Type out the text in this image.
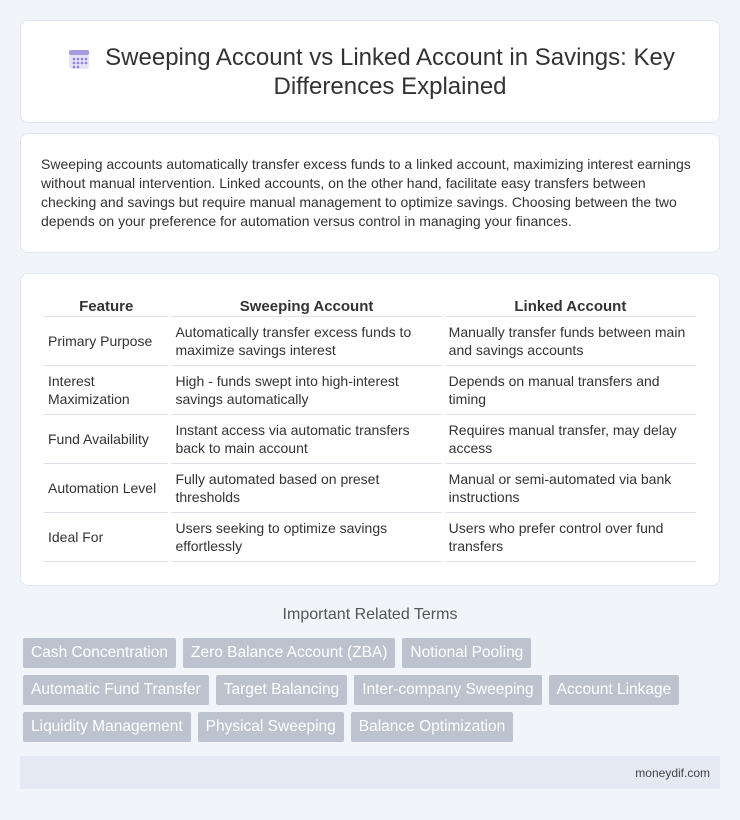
Sweeping Account vs Linked Account in Savings: Key Differences Explained

Sweeping accounts automatically transfer excess funds to a linked account, maximizing interest earnings without manual intervention. Linked accounts, on the other hand, facilitate easy transfers between checking and savings but require manual management to optimize savings. Choosing between the two depends on your preference for automation versus control in managing your finances.

Feature	Sweeping Account	Linked Account
Primary Purpose	Automatically transfer excess funds to maximize savings interest	Manually transfer funds between main and savings accounts
Interest Maximization	High - funds swept into high-interest savings automatically	Depends on manual transfers and timing
Fund Availability	Instant access via automatic transfers back to main account	Requires manual transfer, may delay access
Automation Level	Fully automated based on preset thresholds	Manual or semi-automated via bank instructions
Ideal For	Users seeking to optimize savings effortlessly	Users who prefer control over fund transfers
Important Related Terms
Cash Concentration	Zero Balance Account (ZBA)	Notional Pooling
Automatic Fund Transfer	Target Balancing	Inter-company Sweeping	Account Linkage
Liquidity Management	Physical Sweeping	Balance Optimization
moneydif.com
